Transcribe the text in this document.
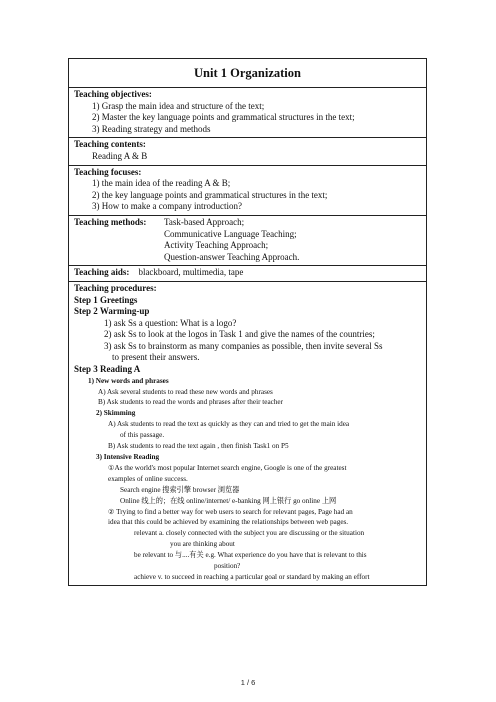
Unit 1 Organization

Teaching objectives:
1) Grasp the main idea and structure of the text;
2) Master the key language points and grammatical structures in the text;
3) Reading strategy and methods

Teaching contents:
Reading A & B

Teaching focuses:
1) the main idea of the reading A & B;
2) the key language points and grammatical structures in the text;
3) How to make a company introduction?

Teaching methods:	Task-based Approach;
Communicative Language Teaching;
Activity Teaching Approach;
Question-answer Teaching Approach.

Teaching aids: blackboard, multimedia, tape

Teaching procedures:
Step 1 Greetings
Step 2 Warming-up
1) ask Ss a question: What is a logo?
2) ask Ss to look at the logos in Task 1 and give the names of the countries;
3) ask Ss to brainstorm as many companies as possible, then invite several Ss
to present their answers.
Step 3 Reading A
1) New words and phrases
A) Ask several students to read these new words and phrases
B) Ask students to read the words and phrases after their teacher
2) Skimming
A) Ask students to read the text as quickly as they can and tried to get the main idea
of this passage.
B) Ask students to read the text again , then finish Task1 on P5
3) Intensive Reading
①As the world's most popular Internet search engine, Google is one of the greatest
examples of online success.
Search engine 搜索引擎 browser 浏览器
Online 线上的；在线 online/internet/ e-banking 网上银行 go online 上网
② Trying to find a better way for web users to search for relevant pages, Page had an
idea that this could be achieved by examining the relationships between web pages.
relevant a. closely connected with the subject you are discussing or the situation
you are thinking about
be relevant to 与....有关 e.g. What experience do you have that is relevant to this
position?
achieve v. to succeed in reaching a particular goal or standard by making an effort
1 / 6
